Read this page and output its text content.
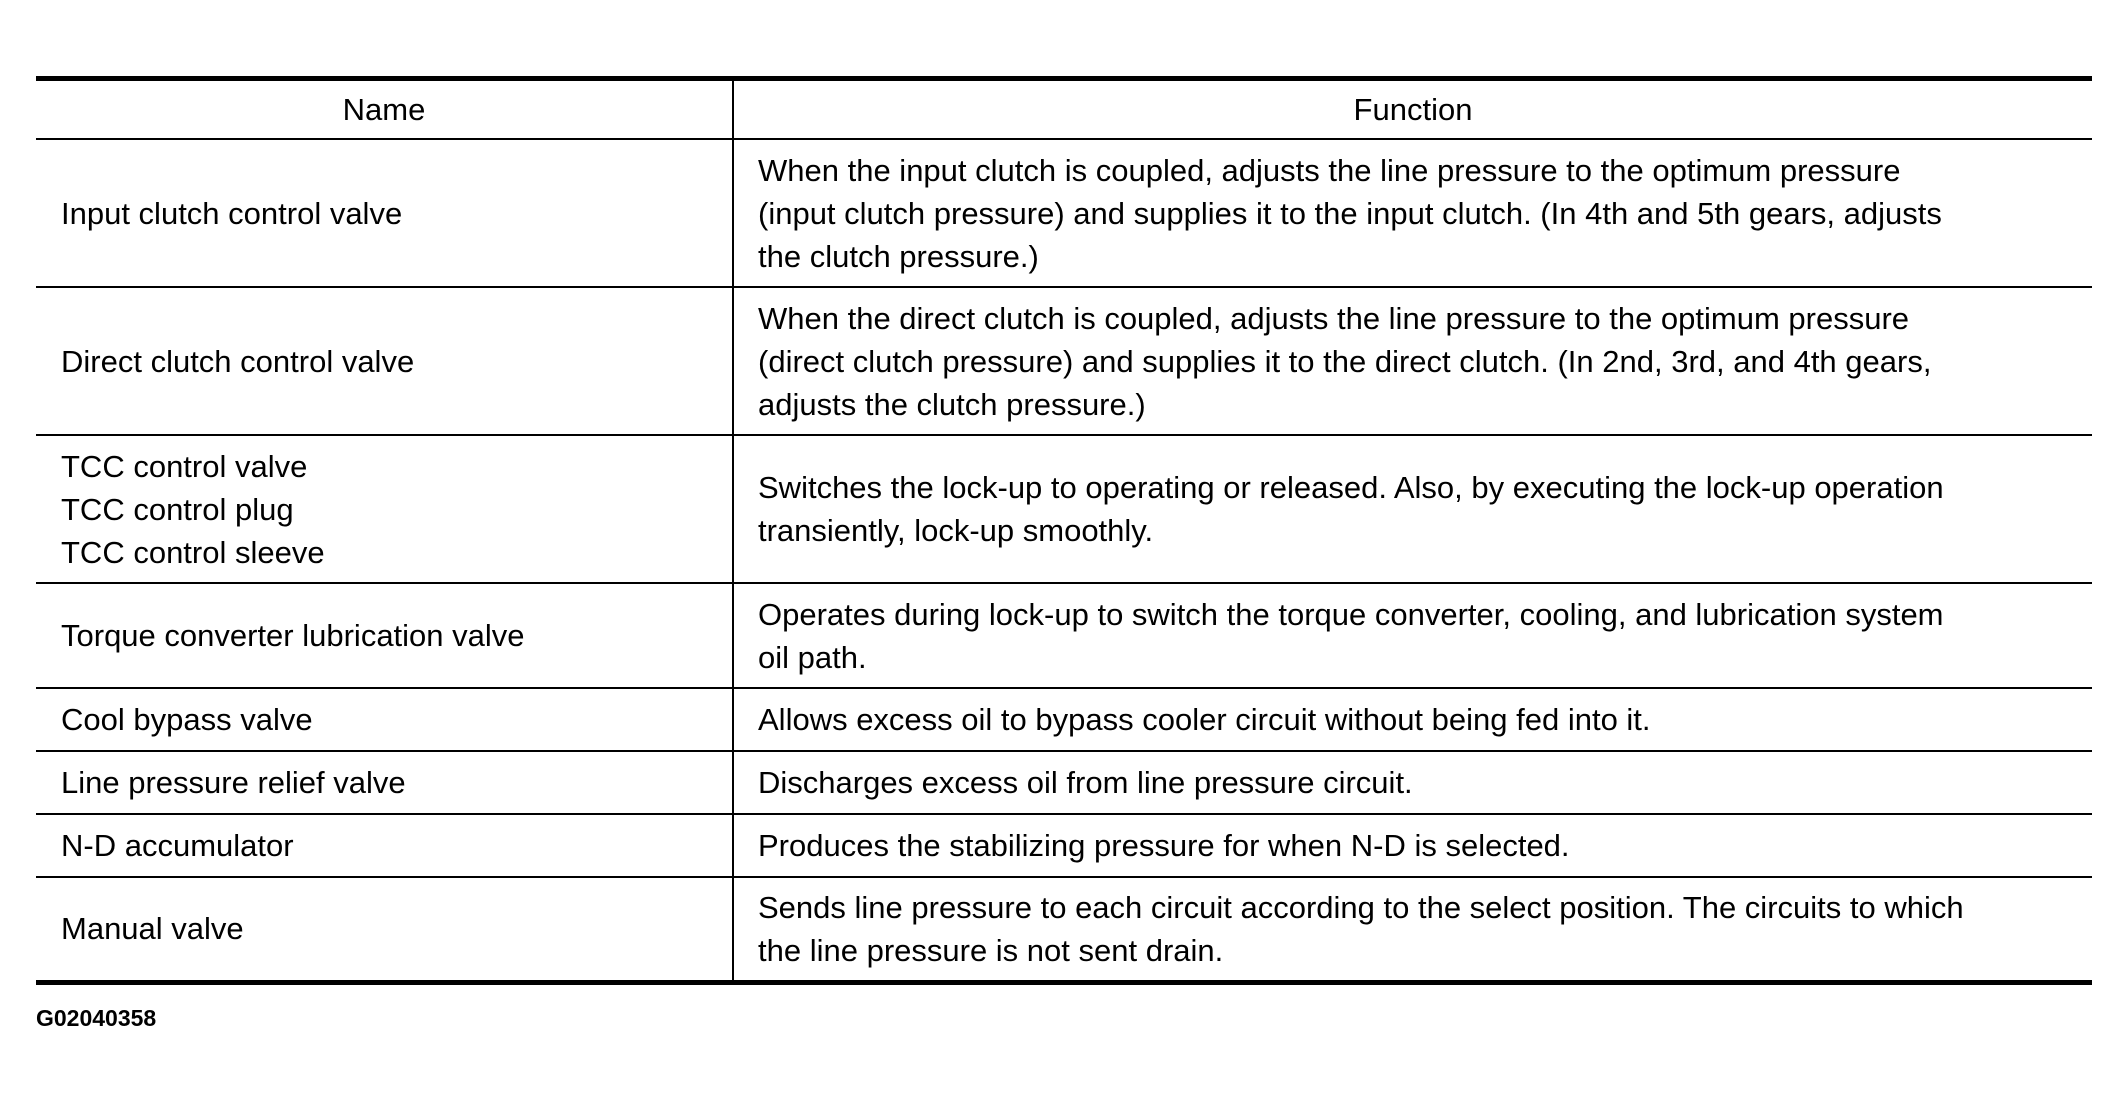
Name	Function

Input clutch control valve	When the input clutch is coupled, adjusts the line pressure to the optimum pressure
(input clutch pressure) and supplies it to the input clutch. (In 4th and 5th gears, adjusts
the clutch pressure.)

Direct clutch control valve	When the direct clutch is coupled, adjusts the line pressure to the optimum pressure
(direct clutch pressure) and supplies it to the direct clutch. (In 2nd, 3rd, and 4th gears,
adjusts the clutch pressure.)

TCC control valve
TCC control plug
TCC control sleeve	Switches the lock-up to operating or released. Also, by executing the lock-up operation
transiently, lock-up smoothly.

Torque converter lubrication valve	Operates during lock-up to switch the torque converter, cooling, and lubrication system
oil path.

Cool bypass valve	Allows excess oil to bypass cooler circuit without being fed into it.

Line pressure relief valve	Discharges excess oil from line pressure circuit.

N-D accumulator	Produces the stabilizing pressure for when N-D is selected.

Manual valve	Sends line pressure to each circuit according to the select position. The circuits to which
the line pressure is not sent drain.
G02040358
